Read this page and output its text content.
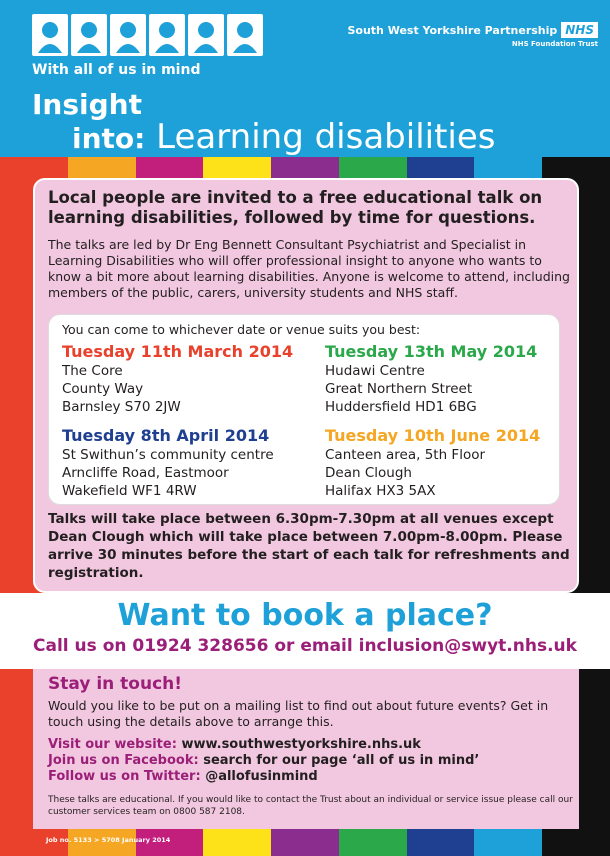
With all of us in mind
South West Yorkshire Partnership NHS
NHS Foundation Trust
Insight
into: Learning disabilities
Local people are invited to a free educational talk on learning disabilities, followed by time for questions.
The talks are led by Dr Eng Bennett Consultant Psychiatrist and Specialist in Learning Disabilities who will offer professional insight to anyone who wants to know a bit more about learning disabilities. Anyone is welcome to attend, including members of the public, carers, university students and NHS staff.
You can come to whichever date or venue suits you best:
Tuesday 11th March 2014
The Core
County Way
Barnsley S70 2JW
Tuesday 13th May 2014
Hudawi Centre
Great Northern Street
Huddersfield HD1 6BG
Tuesday 8th April 2014
St Swithun’s community centre
Arncliffe Road, Eastmoor
Wakefield WF1 4RW
Tuesday 10th June 2014
Canteen area, 5th Floor
Dean Clough
Halifax HX3 5AX
Talks will take place between 6.30pm-7.30pm at all venues except Dean Clough which will take place between 7.00pm-8.00pm. Please arrive 30 minutes before the start of each talk for refreshments and registration.
Want to book a place?
Call us on 01924 328656 or email inclusion@swyt.nhs.uk
Stay in touch!
Would you like to be put on a mailing list to find out about future events? Get in touch using the details above to arrange this.
Visit our website: www.southwestyorkshire.nhs.uk
Join us on Facebook: search for our page ‘all of us in mind’
Follow us on Twitter: @allofusinmind
These talks are educational. If you would like to contact the Trust about an individual or service issue please call our customer services team on 0800 587 2108.
Job no. 5133 > 5708 January 2014
